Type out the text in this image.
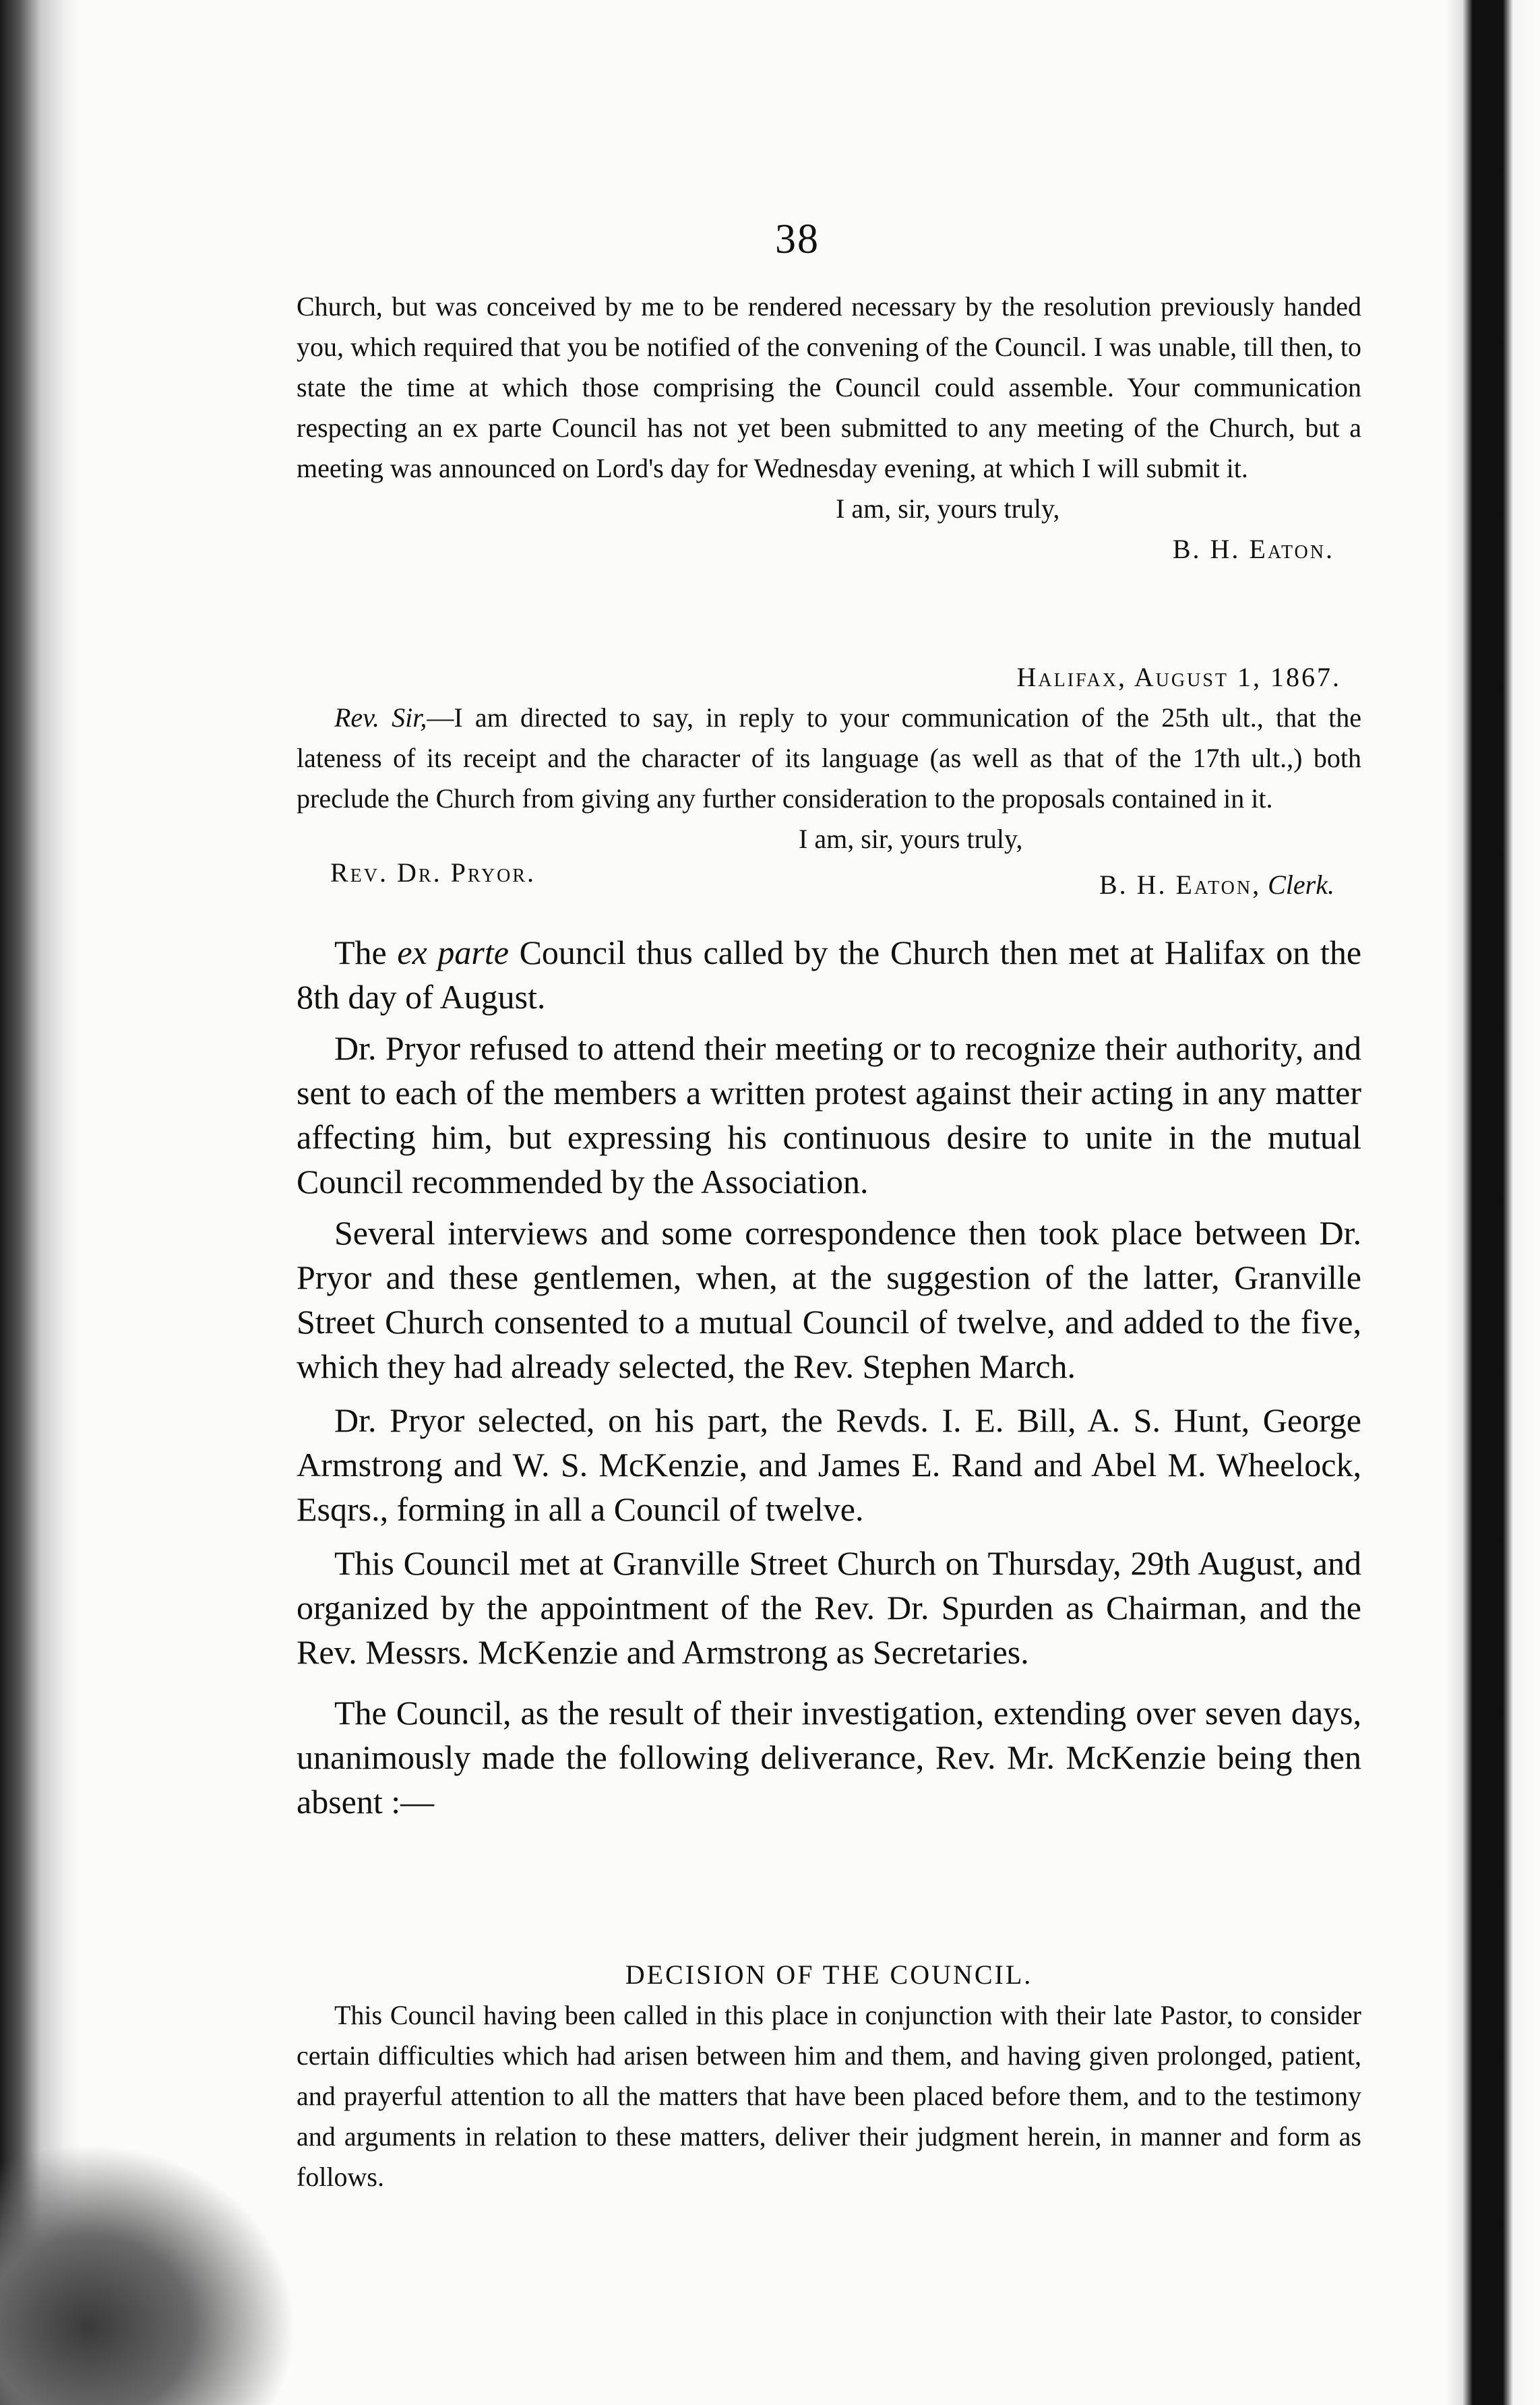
38

Church, but was conceived by me to be rendered necessary by the resolution previously handed you, which required that you be notified of the convening of the Council. I was unable, till then, to state the time at which those comprising the Council could assemble. Your communication respecting an ex parte Council has not yet been submitted to any meeting of the Church, but a meeting was announced on Lord's day for Wednesday evening, at which I will submit it.

I am, sir, yours truly,

B. H. Eaton.

Halifax, August 1, 1867.

Rev. Sir,—I am directed to say, in reply to your communication of the 25th ult., that the lateness of its receipt and the character of its language (as well as that of the 17th ult.,) both preclude the Church from giving any further consideration to the proposals contained in it.

I am, sir, yours truly,

Rev. Dr. Pryor.	B. H. Eaton, Clerk.

The ex parte Council thus called by the Church then met at Halifax on the 8th day of August.

Dr. Pryor refused to attend their meeting or to recognize their authority, and sent to each of the members a written protest against their acting in any matter affecting him, but expressing his continuous desire to unite in the mutual Council recommended by the Association.

Several interviews and some correspondence then took place between Dr. Pryor and these gentlemen, when, at the suggestion of the latter, Granville Street Church consented to a mutual Council of twelve, and added to the five, which they had already selected, the Rev. Stephen March.

Dr. Pryor selected, on his part, the Revds. I. E. Bill, A. S. Hunt, George Armstrong and W. S. McKenzie, and James E. Rand and Abel M. Wheelock, Esqrs., forming in all a Council of twelve.

This Council met at Granville Street Church on Thursday, 29th August, and organized by the appointment of the Rev. Dr. Spurden as Chairman, and the Rev. Messrs. McKenzie and Armstrong as Secretaries.

The Council, as the result of their investigation, extending over seven days, unanimously made the following deliverance, Rev. Mr. McKenzie being then absent :—

DECISION OF THE COUNCIL.

This Council having been called in this place in conjunction with their late Pastor, to consider certain difficulties which had arisen between him and them, and having given prolonged, patient, and prayerful attention to all the matters that have been placed before them, and to the testimony and arguments in relation to these matters, deliver their judgment herein, in manner and form as follows.
